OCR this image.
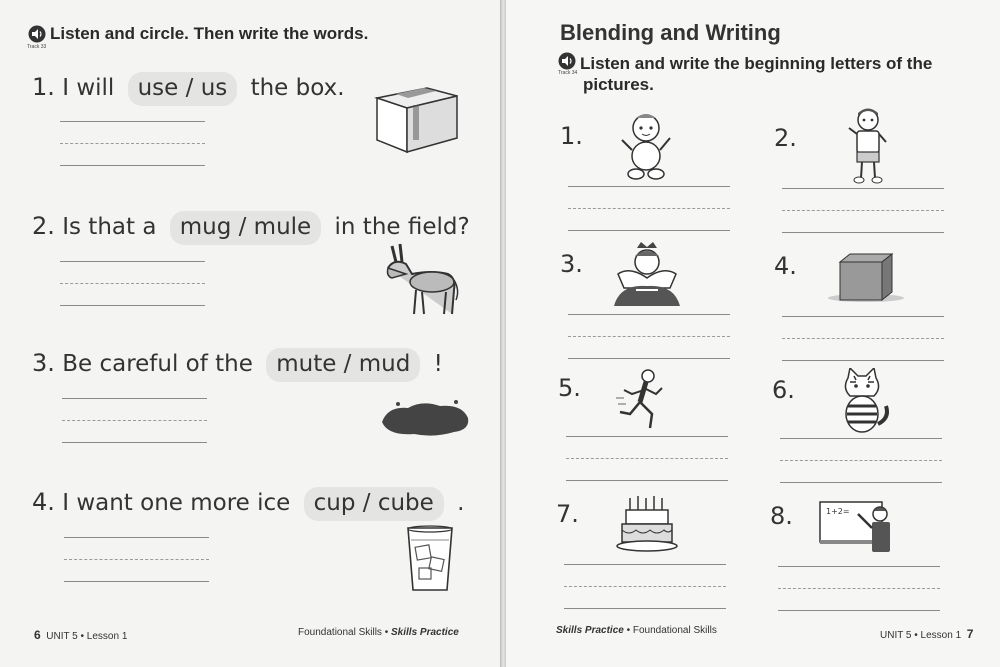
Track 33
Listen and circle. Then write the words.
1. I will use / us the box.
2. Is that a mug / mule in the field?
3. Be careful of the mute / mud !
4. I want one more ice cup / cube .
6 UNIT 5 • Lesson 1	Foundational Skills • Skills Practice
Blending and Writing
Track 34 Listen and write the beginning letters of the
pictures.
1.	2.
3.	4.
5.	6.
7.	8.	1+2=
Skills Practice • Foundational Skills	UNIT 5 • Lesson 1 7
